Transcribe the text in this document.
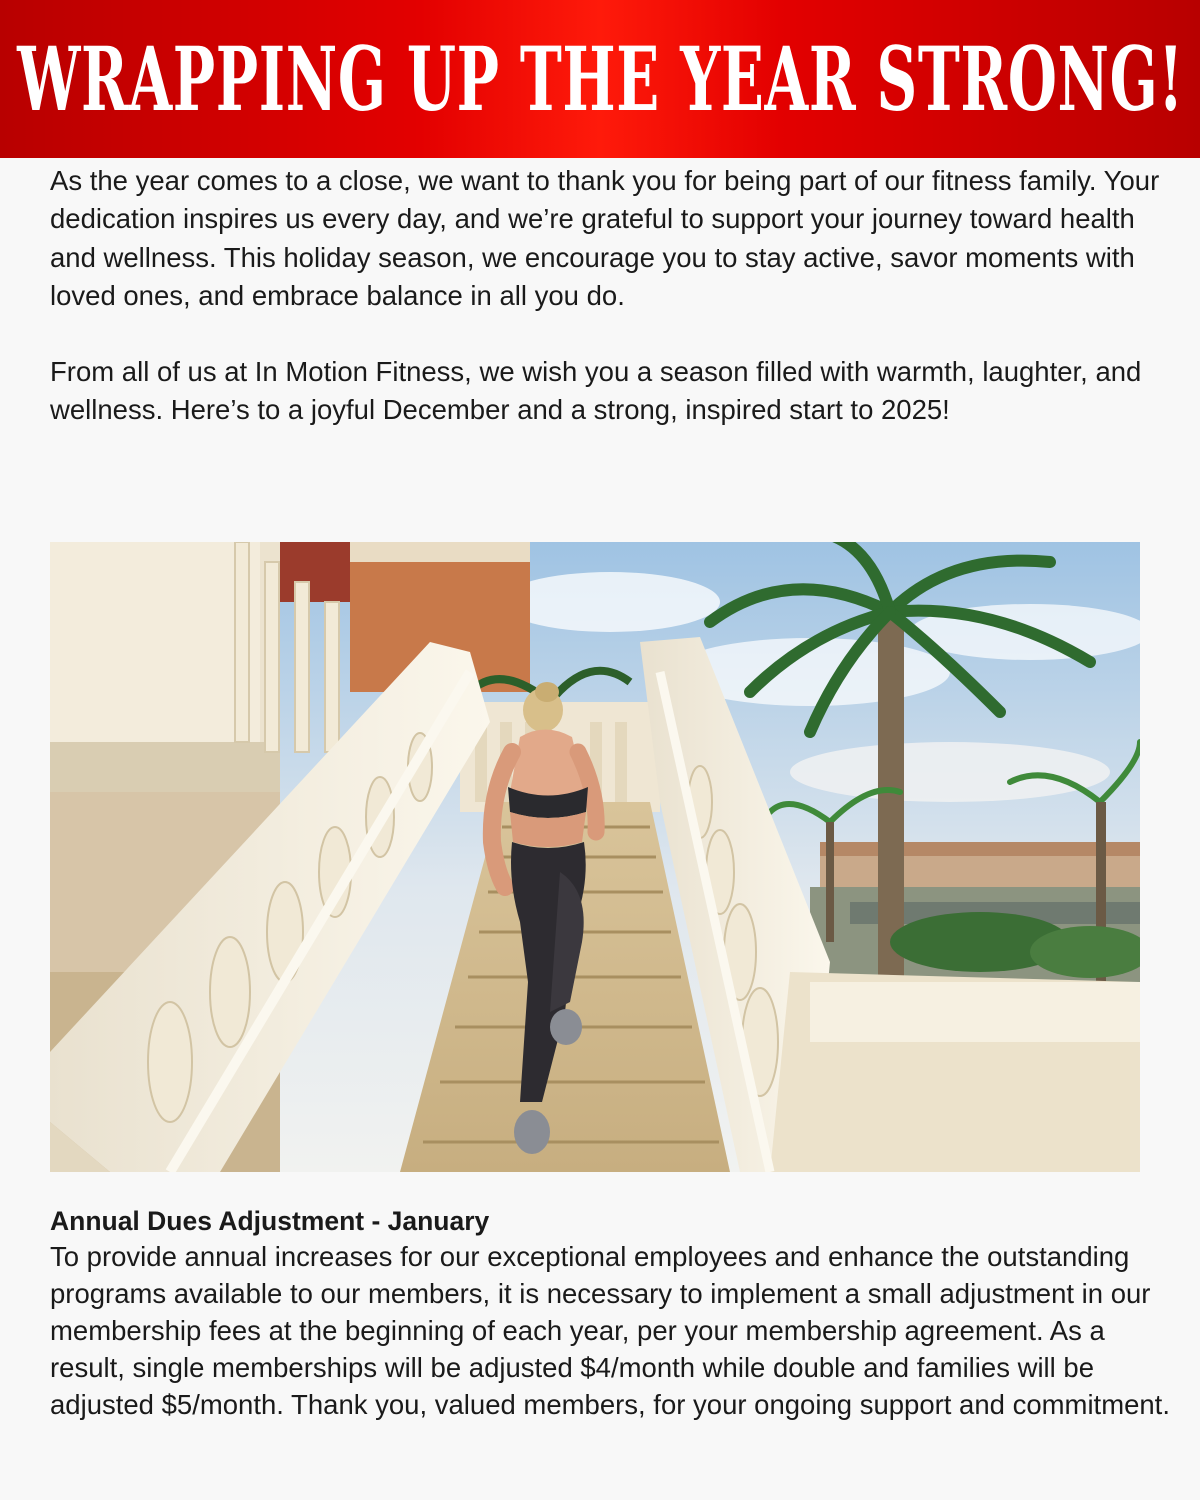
WRAPPING UP THE YEAR STRONG!

As the year comes to a close, we want to thank you for being part of our fitness family. Your dedication inspires us every day, and we’re grateful to support your journey toward health and wellness. This holiday season, we encourage you to stay active, savor moments with loved ones, and embrace balance in all you do.

From all of us at In Motion Fitness, we wish you a season filled with warmth, laughter, and wellness. Here’s to a joyful December and a strong, inspired start to 2025!

Annual Dues Adjustment - January

To provide annual increases for our exceptional employees and enhance the outstanding programs available to our members, it is necessary to implement a small adjustment in our membership fees at the beginning of each year, per your membership agreement. As a result, single memberships will be adjusted $4/month while double and families will be adjusted $5/month. Thank you, valued members, for your ongoing support and commitment.
